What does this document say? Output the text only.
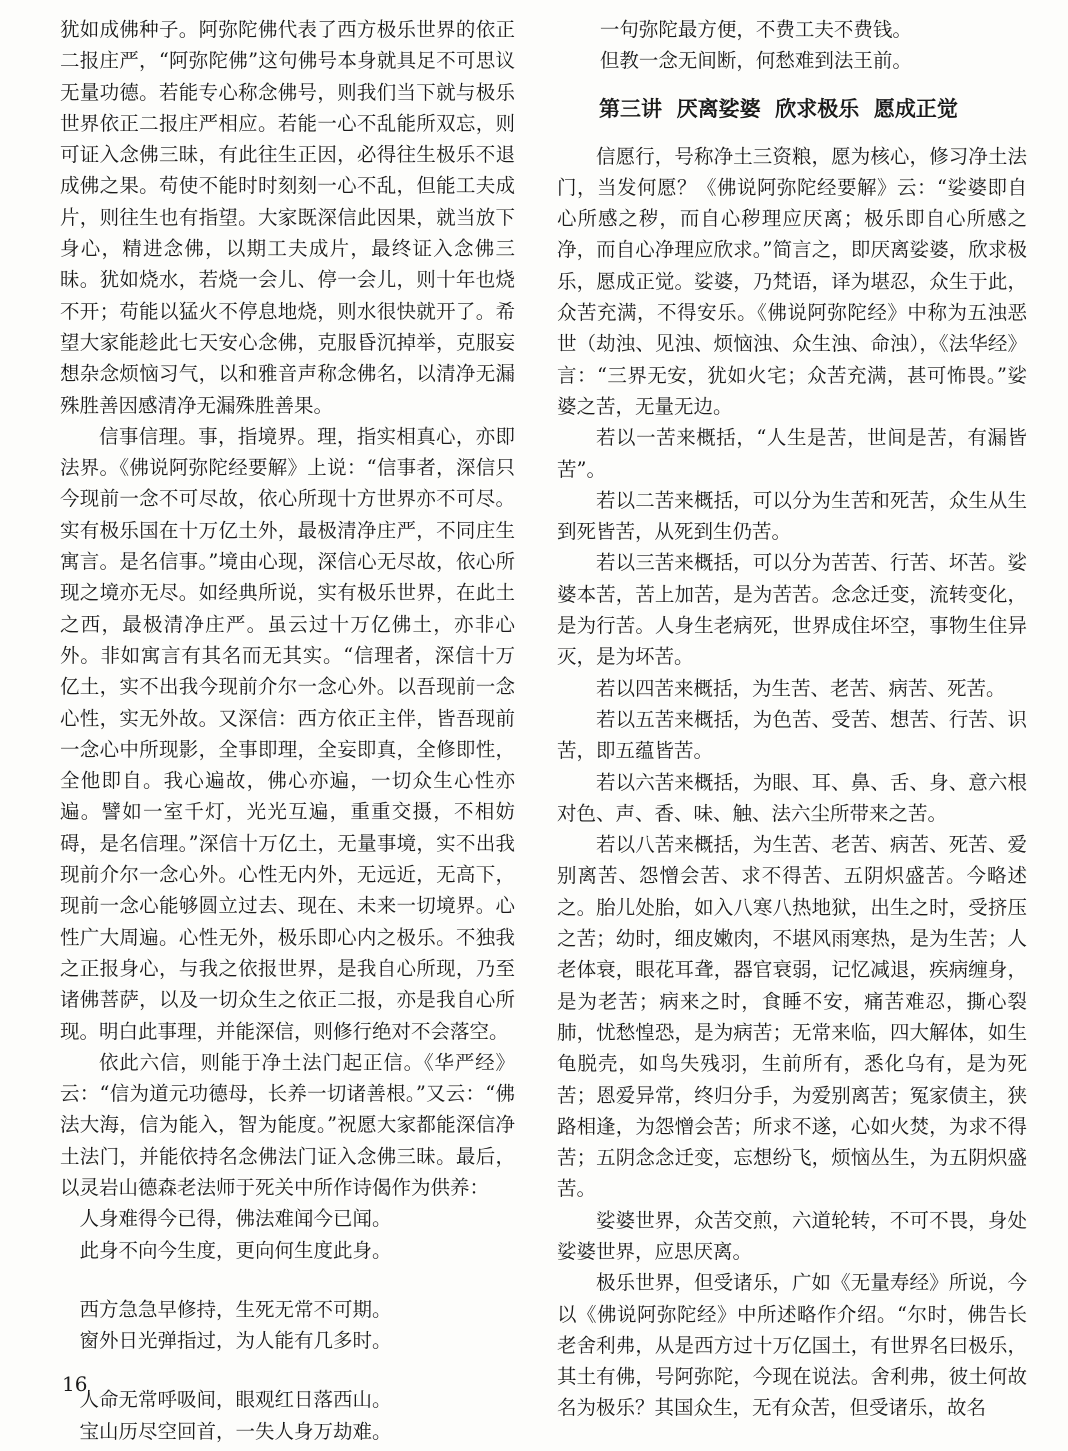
犹如成佛种子。阿弥陀佛代表了西方极乐世界的依正二报庄严，“阿弥陀佛”这句佛号本身就具足不可思议无量功德。若能专心称念佛号，则我们当下就与极乐世界依正二报庄严相应。若能一心不乱能所双忘，则可证入念佛三昧，有此往生正因，必得往生极乐不退成佛之果。苟使不能时时刻刻一心不乱，但能工夫成片，则往生也有指望。大家既深信此因果，就当放下身心，精进念佛，以期工夫成片，最终证入念佛三昧。犹如烧水，若烧一会儿、停一会儿，则十年也烧不开；苟能以猛火不停息地烧，则水很快就开了。希望大家能趁此七天安心念佛，克服昏沉掉举，克服妄想杂念烦恼习气，以和雅音声称念佛名，以清净无漏殊胜善因感清净无漏殊胜善果。

信事信理。事，指境界。理，指实相真心，亦即法界。《佛说阿弥陀经要解》上说：“信事者，深信只今现前一念不可尽故，依心所现十方世界亦不可尽。实有极乐国在十万亿土外，最极清净庄严，不同庄生寓言。是名信事。”境由心现，深信心无尽故，依心所现之境亦无尽。如经典所说，实有极乐世界，在此土之西，最极清净庄严。虽云过十万亿佛土，亦非心外。非如寓言有其名而无其实。“信理者，深信十万亿土，实不出我今现前介尔一念心外。以吾现前一念心性，实无外故。又深信：西方依正主伴，皆吾现前一念心中所现影，全事即理，全妄即真，全修即性，全他即自。我心遍故，佛心亦遍，一切众生心性亦遍。譬如一室千灯，光光互遍，重重交摄，不相妨碍，是名信理。”深信十万亿土，无量事境，实不出我现前介尔一念心外。心性无内外，无远近，无高下，现前一念心能够圆立过去、现在、未来一切境界。心性广大周遍。心性无外，极乐即心内之极乐。不独我之正报身心，与我之依报世界，是我自心所现，乃至诸佛菩萨，以及一切众生之依正二报，亦是我自心所现。明白此事理，并能深信，则修行绝对不会落空。

依此六信，则能于净土法门起正信。《华严经》云：“信为道元功德母，长养一切诸善根。”又云：“佛法大海，信为能入，智为能度。”祝愿大家都能深信净土法门，并能依持名念佛法门证入念佛三昧。最后，以灵岩山德森老法师于死关中所作诗偈作为供养：

人身难得今已得，佛法难闻今已闻。

此身不向今生度，更向何生度此身。

西方急急早修持，生死无常不可期。

窗外日光弹指过，为人能有几多时。

人命无常呼吸间，眼观红日落西山。

宝山历尽空回首，一失人身万劫难。

一句弥陀最方便，不费工夫不费钱。

但教一念无间断，何愁难到法王前。

第三讲  厌离娑婆  欣求极乐  愿成正觉

信愿行，号称净土三资粮，愿为核心，修习净土法门，当发何愿？《佛说阿弥陀经要解》云：“娑婆即自心所感之秽，而自心秽理应厌离；极乐即自心所感之净，而自心净理应欣求。”简言之，即厌离娑婆，欣求极乐，愿成正觉。娑婆，乃梵语，译为堪忍，众生于此，众苦充满，不得安乐。《佛说阿弥陀经》中称为五浊恶世（劫浊、见浊、烦恼浊、众生浊、命浊），《法华经》言：“三界无安，犹如火宅；众苦充满，甚可怖畏。”娑婆之苦，无量无边。

若以一苦来概括，“人生是苦，世间是苦，有漏皆苦”。

若以二苦来概括，可以分为生苦和死苦，众生从生到死皆苦，从死到生仍苦。

若以三苦来概括，可以分为苦苦、行苦、坏苦。娑婆本苦，苦上加苦，是为苦苦。念念迁变，流转变化，是为行苦。人身生老病死，世界成住坏空，事物生住异灭，是为坏苦。

若以四苦来概括，为生苦、老苦、病苦、死苦。

若以五苦来概括，为色苦、受苦、想苦、行苦、识苦，即五蕴皆苦。

若以六苦来概括，为眼、耳、鼻、舌、身、意六根对色、声、香、味、触、法六尘所带来之苦。

若以八苦来概括，为生苦、老苦、病苦、死苦、爱别离苦、怨憎会苦、求不得苦、五阴炽盛苦。今略述之。胎儿处胎，如入八寒八热地狱，出生之时，受挤压之苦；幼时，细皮嫩肉，不堪风雨寒热，是为生苦；人老体衰，眼花耳聋，器官衰弱，记忆减退，疾病缠身，是为老苦；病来之时，食睡不安，痛苦难忍，撕心裂肺，忧愁惶恐，是为病苦；无常来临，四大解体，如生龟脱壳，如鸟失残羽，生前所有，悉化乌有，是为死苦；恩爱异常，终归分手，为爱别离苦；冤家债主，狭路相逢，为怨憎会苦；所求不遂，心如火焚，为求不得苦；五阴念念迁变，忘想纷飞，烦恼丛生，为五阴炽盛苦。

娑婆世界，众苦交煎，六道轮转，不可不畏，身处娑婆世界，应思厌离。

极乐世界，但受诸乐，广如《无量寿经》所说，今以《佛说阿弥陀经》中所述略作介绍。“尔时，佛告长老舍利弗，从是西方过十万亿国土，有世界名曰极乐，其土有佛，号阿弥陀，今现在说法。舍利弗，彼土何故名为极乐？其国众生，无有众苦，但受诸乐，故名

16
